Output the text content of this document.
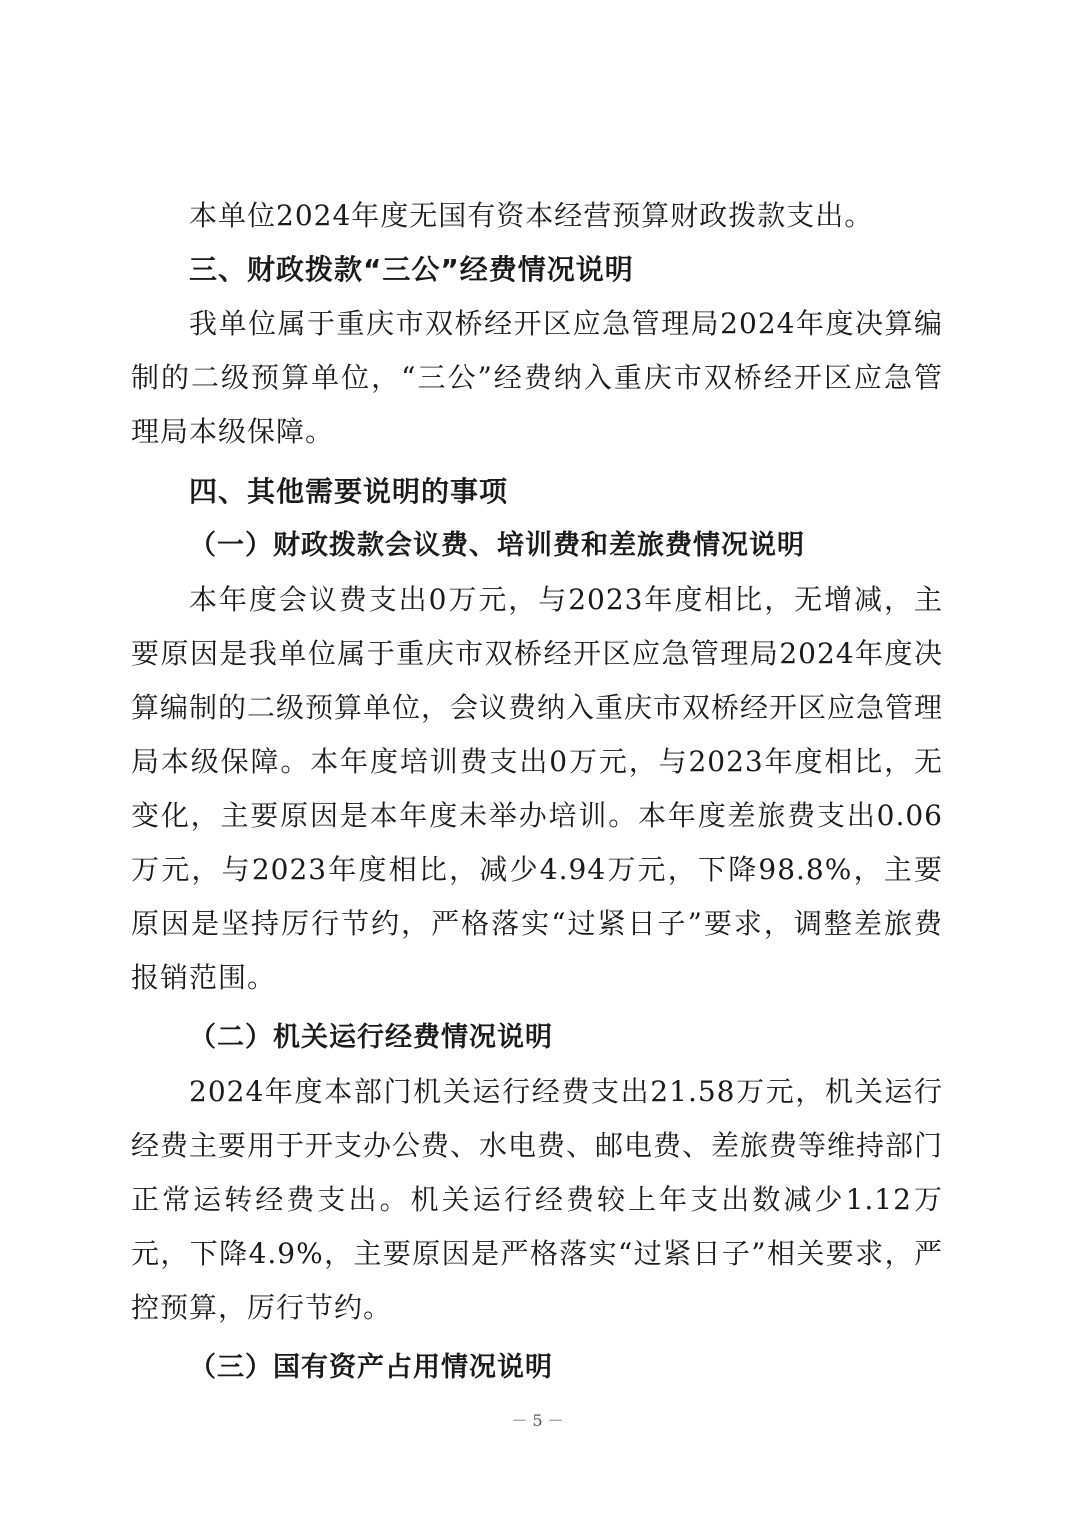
本单位2024年度无国有资本经营预算财政拨款支出。

三、财政拨款“三公”经费情况说明

我单位属于重庆市双桥经开区应急管理局2024年度决算编制的二级预算单位，“三公”经费纳入重庆市双桥经开区应急管理局本级保障。

四、其他需要说明的事项

（一）财政拨款会议费、培训费和差旅费情况说明

本年度会议费支出0万元，与2023年度相比，无增减，主要原因是我单位属于重庆市双桥经开区应急管理局2024年度决算编制的二级预算单位，会议费纳入重庆市双桥经开区应急管理局本级保障。本年度培训费支出0万元，与2023年度相比，无变化，主要原因是本年度未举办培训。本年度差旅费支出0.06万元，与2023年度相比，减少4.94万元，下降98.8%，主要原因是坚持厉行节约，严格落实“过紧日子”要求，调整差旅费报销范围。

（二）机关运行经费情况说明

2024年度本部门机关运行经费支出21.58万元，机关运行经费主要用于开支办公费、水电费、邮电费、差旅费等维持部门正常运转经费支出。机关运行经费较上年支出数减少1.12万元，下降4.9%，主要原因是严格落实“过紧日子”相关要求，严控预算，厉行节约。

（三）国有资产占用情况说明

－ 5 －
